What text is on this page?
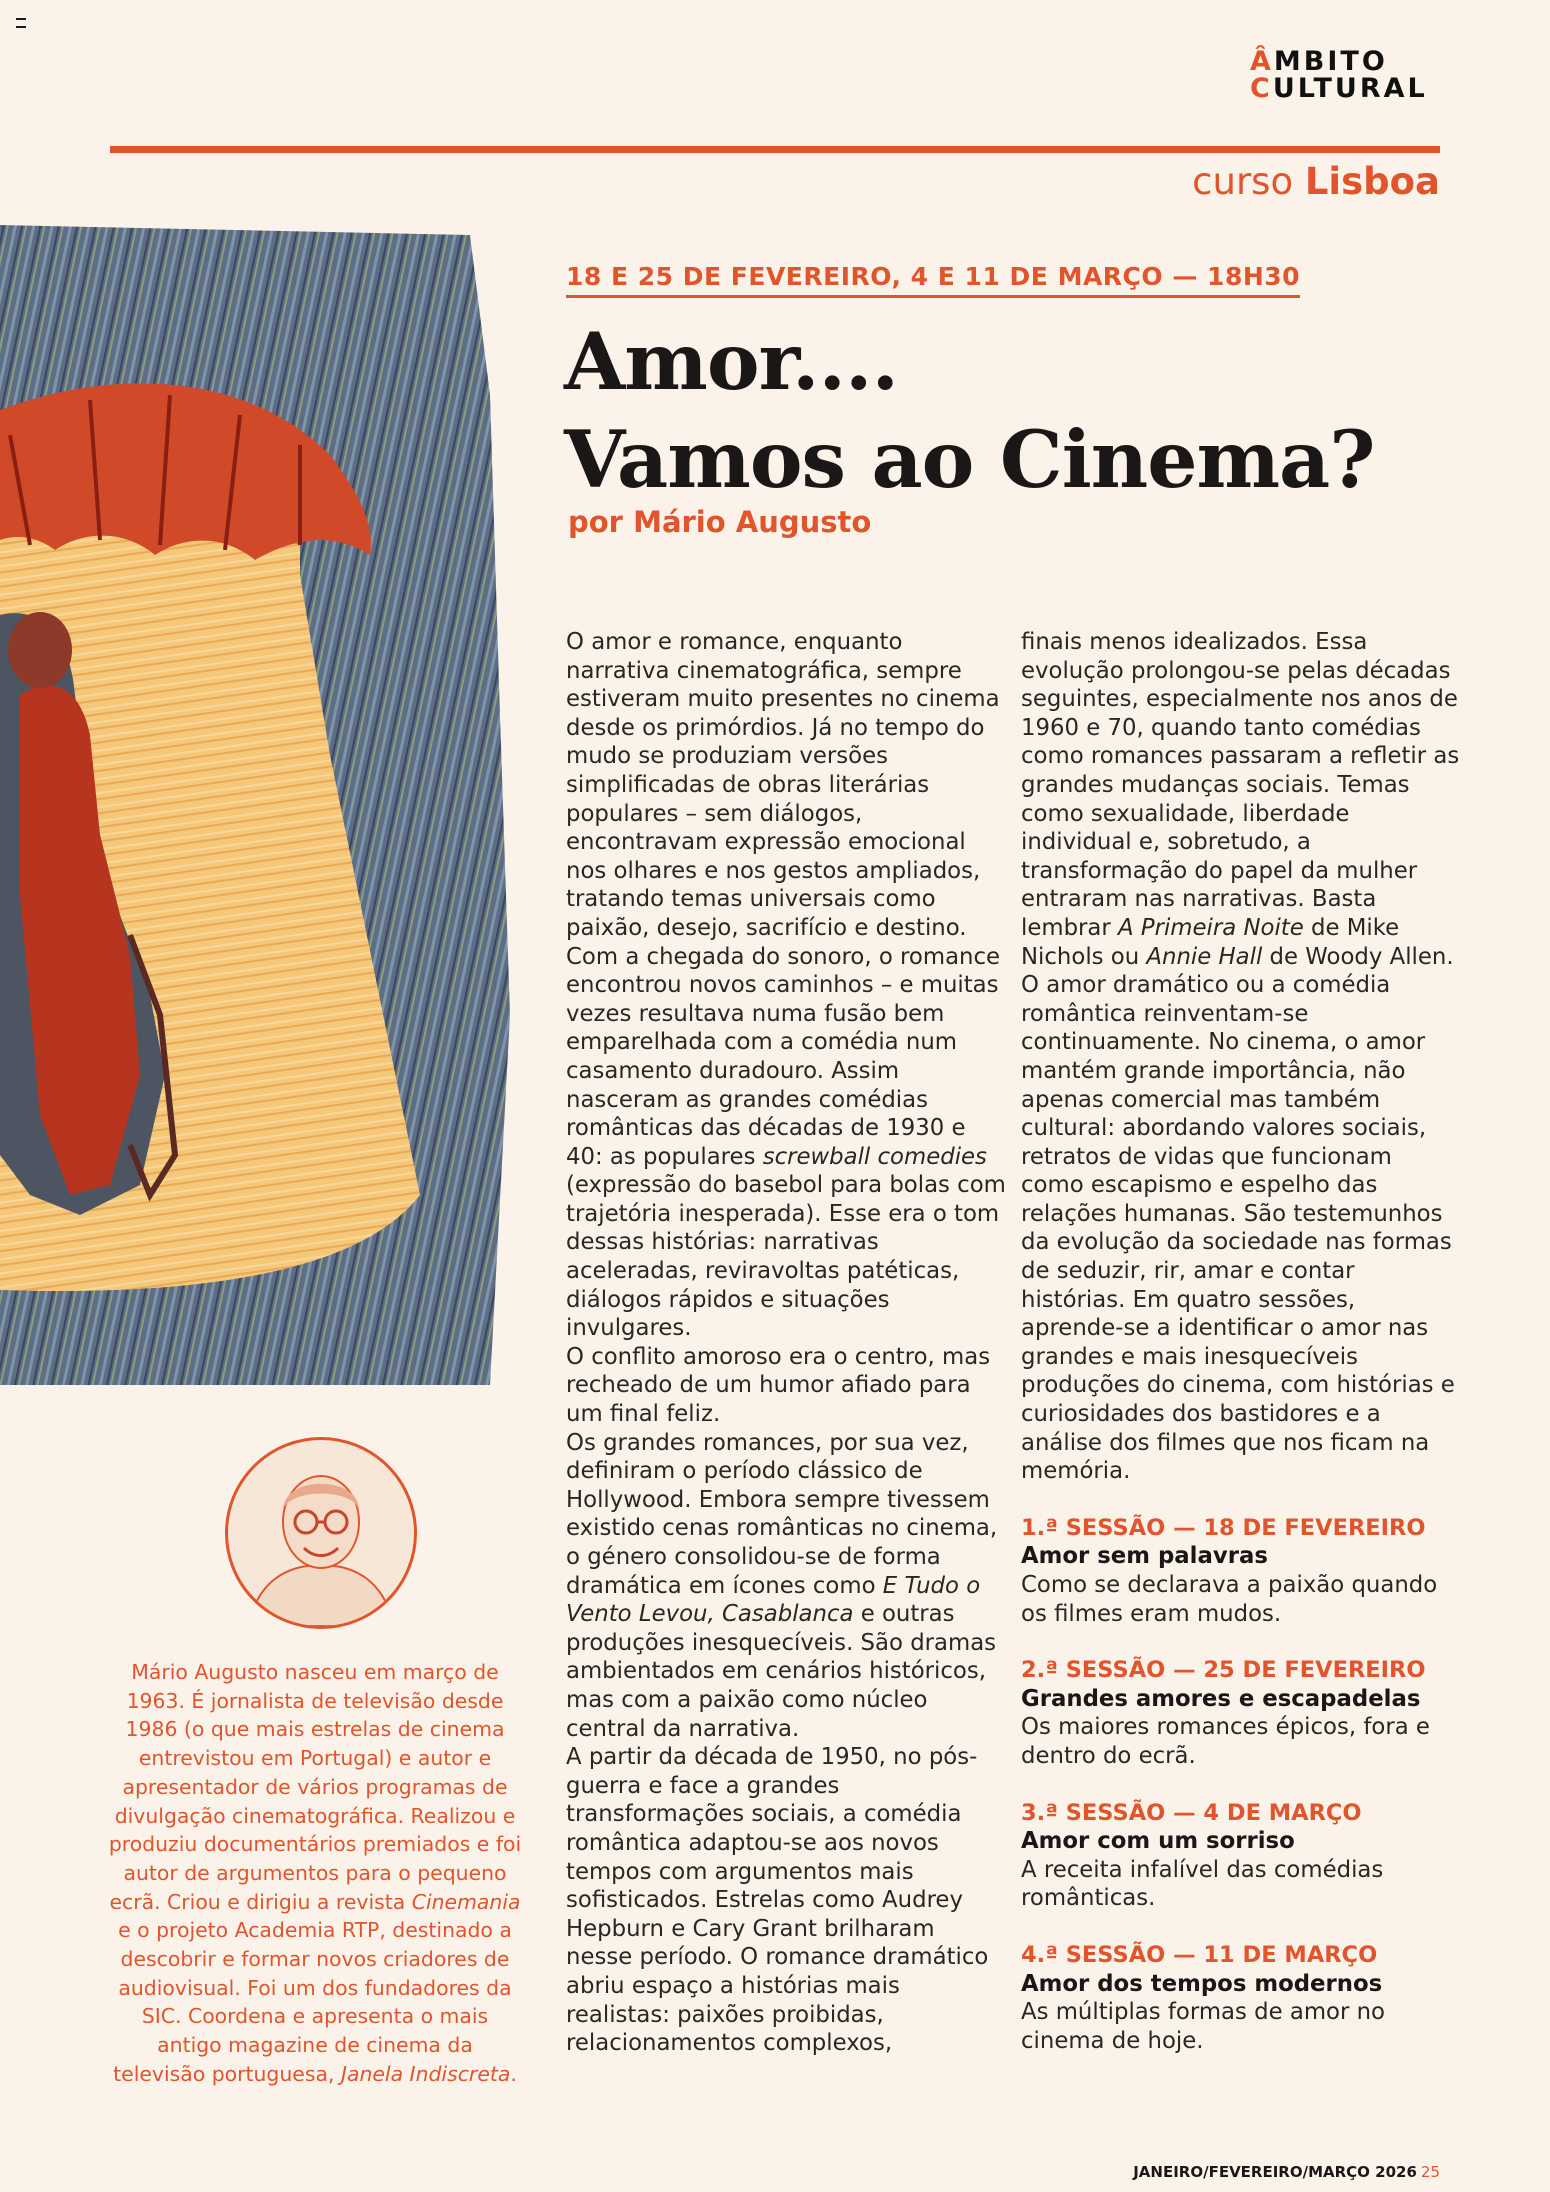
ÂMBITO
CULTURAL
curso Lisboa
18 E 25 DE FEVEREIRO, 4 E 11 DE MARÇO — 18H30
Amor....
Vamos ao Cinema?
por Mário Augusto

O amor e romance, enquanto narrativa cinematográfica, sempre estiveram muito presentes no cinema desde os primórdios. Já no tempo do mudo se produziam versões simplificadas de obras literárias populares – sem diálogos, encontravam expressão emocional nos olhares e nos gestos ampliados, tratando temas universais como paixão, desejo, sacrifício e destino. Com a chegada do sonoro, o romance encontrou novos caminhos – e muitas vezes resultava numa fusão bem emparelhada com a comédia num casamento duradouro. Assim nasceram as grandes comédias românticas das décadas de 1930 e 40: as populares screwball comedies (expressão do basebol para bolas com trajetória inesperada). Esse era o tom dessas histórias: narrativas aceleradas, reviravoltas patéticas, diálogos rápidos e situações invulgares.

O conflito amoroso era o centro, mas recheado de um humor afiado para um final feliz.

Os grandes romances, por sua vez, definiram o período clássico de Hollywood. Embora sempre tivessem existido cenas românticas no cinema, o género consolidou-se de forma dramática em ícones como E Tudo o Vento Levou, Casablanca e outras produções inesquecíveis. São dramas ambientados em cenários históricos, mas com a paixão como núcleo central da narrativa.

A partir da década de 1950, no pós-guerra e face a grandes transformações sociais, a comédia romântica adaptou-se aos novos tempos com argumentos mais sofisticados. Estrelas como Audrey Hepburn e Cary Grant brilharam nesse período. O romance dramático abriu espaço a histórias mais realistas: paixões proibidas, relacionamentos complexos,

finais menos idealizados. Essa evolução prolongou-se pelas décadas seguintes, especialmente nos anos de 1960 e 70, quando tanto comédias como romances passaram a refletir as grandes mudanças sociais. Temas como sexualidade, liberdade individual e, sobretudo, a transformação do papel da mulher entraram nas narrativas. Basta lembrar A Primeira Noite de Mike Nichols ou Annie Hall de Woody Allen.

O amor dramático ou a comédia romântica reinventam-se continuamente. No cinema, o amor mantém grande importância, não apenas comercial mas também cultural: abordando valores sociais, retratos de vidas que funcionam como escapismo e espelho das relações humanas. São testemunhos da evolução da sociedade nas formas de seduzir, rir, amar e contar histórias. Em quatro sessões, aprende-se a identificar o amor nas grandes e mais inesquecíveis produções do cinema, com histórias e curiosidades dos bastidores e a análise dos filmes que nos ficam na memória.

1.ª SESSÃO — 18 DE FEVEREIRO
Amor sem palavras
Como se declarava a paixão quando os filmes eram mudos.
2.ª SESSÃO — 25 DE FEVEREIRO
Grandes amores e escapadelas
Os maiores romances épicos, fora e dentro do ecrã.
3.ª SESSÃO — 4 DE MARÇO
Amor com um sorriso
A receita infalível das comédias românticas.
4.ª SESSÃO — 11 DE MARÇO
Amor dos tempos modernos
As múltiplas formas de amor no cinema de hoje.
Mário Augusto nasceu em março de 1963. É jornalista de televisão desde 1986 (o que mais estrelas de cinema entrevistou em Portugal) e autor e apresentador de vários programas de divulgação cinematográfica. Realizou e produziu documentários premiados e foi autor de argumentos para o pequeno ecrã. Criou e dirigiu a revista Cinemania e o projeto Academia RTP, destinado a descobrir e formar novos criadores de audiovisual. Foi um dos fundadores da SIC. Coordena e apresenta o mais antigo magazine de cinema da televisão portuguesa, Janela Indiscreta.
JANEIRO/FEVEREIRO/MARÇO 2026 25
